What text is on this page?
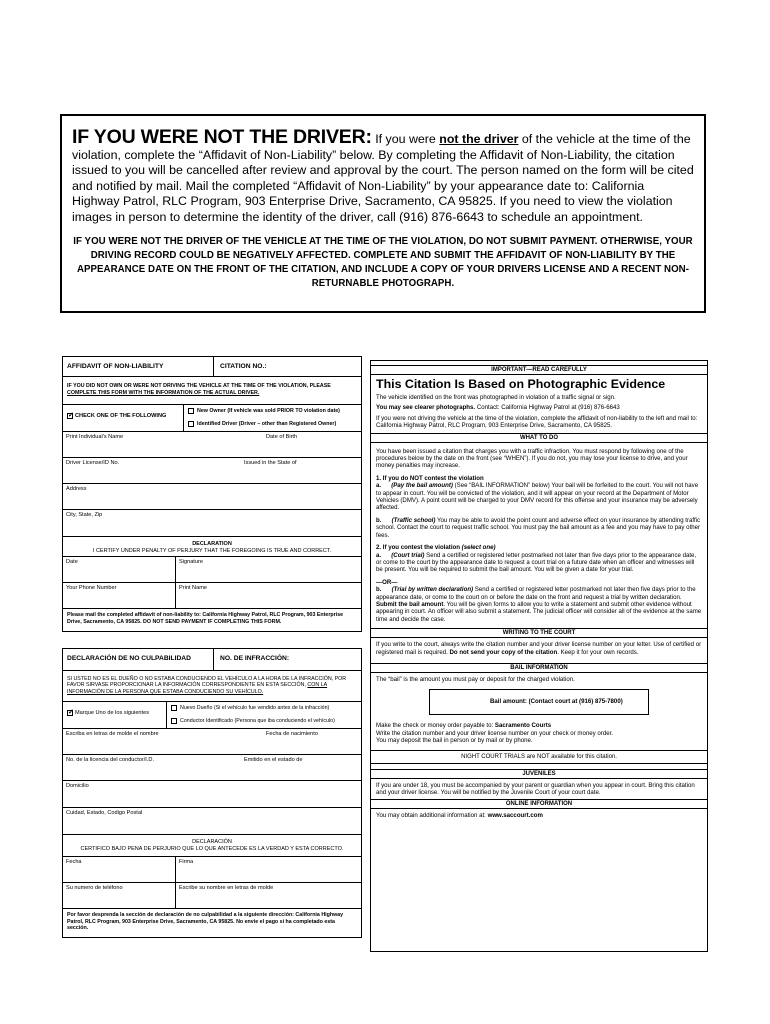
IF YOU WERE NOT THE DRIVER: If you were not the driver of the vehicle at the time of the violation, complete the “Affidavit of Non-Liability” below. By completing the Affidavit of Non-Liability, the citation issued to you will be cancelled after review and approval by the court. The person named on the form will be cited and notified by mail. Mail the completed “Affidavit of Non-Liability” by your appearance date to: California Highway Patrol, RLC Program, 903 Enterprise Drive, Sacramento, CA 95825. If you need to view the violation images in person to determine the identity of the driver, call (916) 876-6643 to schedule an appointment.

IF YOU WERE NOT THE DRIVER OF THE VEHICLE AT THE TIME OF THE VIOLATION, DO NOT SUBMIT PAYMENT. OTHERWISE, YOUR DRIVING RECORD COULD BE NEGATIVELY AFFECTED. COMPLETE AND SUBMIT THE AFFIDAVIT OF NON-LIABILITY BY THE APPEARANCE DATE ON THE FRONT OF THE CITATION, AND INCLUDE A COPY OF YOUR DRIVERS LICENSE AND A RECENT NON-RETURNABLE PHOTOGRAPH.

AFFIDAVIT OF NON-LIABILITY	CITATION NO.:

IF YOU DID NOT OWN OR WERE NOT DRIVING THE VEHICLE AT THE TIME OF THE VIOLATION, PLEASE
COMPLETE THIS FORM WITH THE INFORMATION OF THE ACTUAL DRIVER.

✓
CHECK ONE OF THE FOLLOWING
New Owner (If vehicle was sold PRIOR TO violation date)
Identified Driver (Driver – other than Registered Owner)
Print Individual’s Name	Date of Birth
Driver License/ID No.	Issued in the State of
Address
City, State, Zip

DECLARATION
I CERTIFY UNDER PENALTY OF PERJURY THAT THE FOREGOING IS TRUE AND CORRECT.

Date	Signature
Your Phone Number	Print Name

Please mail the completed affidavit of non-liability to: California Highway Patrol, RLC Program, 903 Enterprise Drive, Sacramento, CA 95825. DO NOT SEND PAYMENT IF COMPLETING THIS FORM.

DECLARACIÓN DE NO CULPABILIDAD	NO. DE INFRACCIÓN:

SI USTED NO ES EL DUEÑO O NO ESTABA CONDUCIENDO EL VEHÍCULO A LA HORA DE LA INFRACCIÓN, POR FAVOR SIRVASE PROPORCIONAR LA INFORMACIÓN CORRESPONDIENTE EN ESTA SECCIÓN, CON LA INFORMACIÓN DE LA PERSONA QUE ESTABA CONDUCIENDO SU VEHÍCULO.

✓
Marque Uno de los siguientes
Nuevo Dueño (Si el vehículo fue vendido antes de la infracción)
Conductor Identificado (Persona que iba conduciendo el vehículo)
Escriba en letras de molde el nombre	Fecha de nacimiento
No. de la licencia del conductor/I.D.	Emitido en el estado de
Domicilio
Cuidad, Estado, Codigo Postal

DECLARACIÓN
CERTIFICO BAJO PENA DE PERJURIO QUE LO QUE ANTECEDE ES LA VERDAD Y ESTA CORRECTO.

Fecha	Firma
Su numero de teléfono	Escribe su nombre en letras de molde

Por favor desprenda la sección de declaración de no culpabilidad a la siguiente dirección: California Highway Patrol, RLC Program, 903 Enterprise Drive, Sacramento, CA 95825. No envie el pago si ha completado esta sección.

IMPORTANT—READ CAREFULLY
This Citation Is Based on Photographic Evidence

The vehicle identified on the front was photographed in violation of a traffic signal or sign.

You may see clearer photographs. Contact: California Highway Patrol at (916) 876-6643

If you were not driving the vehicle at the time of the violation, complete the affidavit of non-liability to the left and mail to: California Highway Patrol, RLC Program, 903 Enterprise Drive, Sacramento, CA 95825.

WHAT TO DO

You have been issued a citation that charges you with a traffic infraction. You must respond by following one of the procedures below by the date on the front (see “WHEN”). If you do not, you may lose your license to drive, and your money penalties may increase.

1. If you do NOT contest the violation

a. (Pay the bail amount) (See “BAIL INFORMATION” below) Your bail will be forfeited to the court. You will not have to appear in court. You will be convicted of the violation, and it will appear on your record at the Department of Motor Vehicles (DMV). A point count will be charged to your DMV record for this offense and your insurance may be adversely affected.

b. (Traffic school) You may be able to avoid the point count and adverse effect on your insurance by attending traffic school. Contact the court to request traffic school. You must pay the bail amount as a fee and you may have to pay other fees.

2. If you contest the violation (select one)

a. (Court trial) Send a certified or registered letter postmarked not later than five days prior to the appearance date, or come to the court by the appearance date to request a court trial on a future date when an officer and witnesses will be present. You will be required to submit the bail amount. You will be given a date for your trial.

—OR—

b. (Trial by written declaration) Send a certified or registered letter postmarked not later then five days prior to the appearance date, or come to the court on or before the date on the front and request a trial by written declaration. Submit the bail amount. You will be given forms to allow you to write a statement and submit other evidence without appearing in court. An officer will also submit a statement. The judicial officer will consider all of the evidence at the same time and decide the case.

WRITING TO THE COURT

If you write to the court, always write the citation number and your driver license number on your letter. Use of certified or registered mail is required. Do not send your copy of the citation. Keep it for your own records.

BAIL INFORMATION

The “bail” is the amount you must pay or deposit for the charged violation.

Bail amount: (Contact court at (916) 875-7800)

Make the check or money order payable to: Sacramento Courts

Write the citation number and your driver license number on your check or money order.

You may deposit the bail in person or by mail or by phone.

NIGHT COURT TRIALS are NOT available for this citation.
JUVENILES

If you are under 18, you must be accompanied by your parent or guardian when you appear in court. Bring this citation and your driver license. You will be notified by the Juvenile Court of your court date.

ONLINE INFORMATION

You may obtain additional information at: www.saccourt.com
